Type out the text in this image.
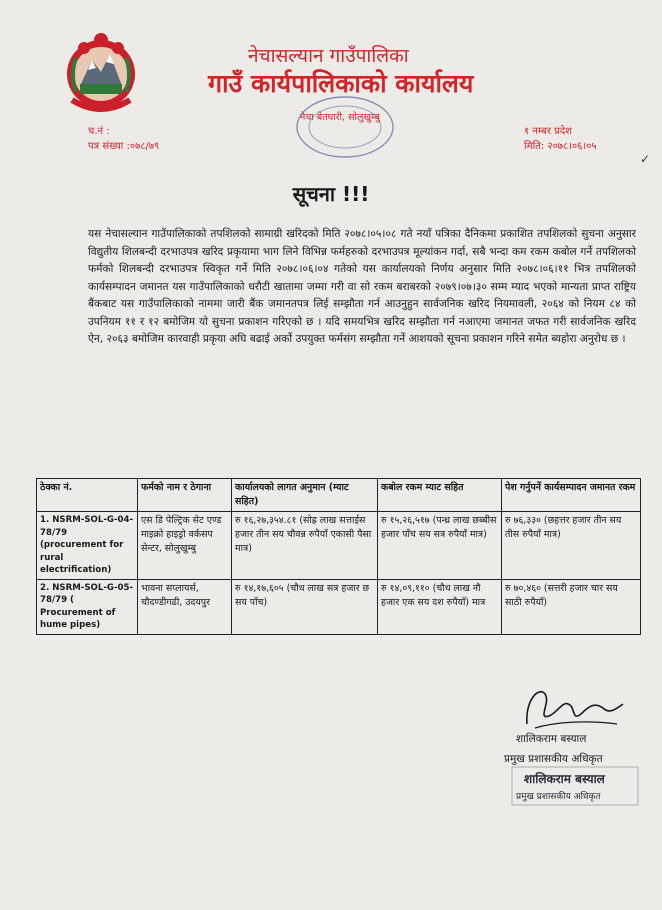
नेचासल्यान गाउँपालिका
गाउँ कार्यपालिकाको कार्यालय
नेचा बेतघारी, सोलुखुम्बु
च.नं :
पत्र संख्या :०७८/७९
१ नम्बर प्रदेश
मिति: २०७८।०६।०५
✓
सूचना !!!
यस नेचासल्यान गाउँपालिकाको तपशिलको सामाग्री खरिदको मिति २०७८।०५।०८ गते नयाँ पत्रिका दैनिकमा प्रकाशित तपशिलको सुचना अनुसार विद्युतीय शिलबन्दी दरभाउपत्र खरिद प्रकृयामा भाग लिने विभिन्न फर्महरुको दरभाउपत्र मूल्यांकन गर्दा, सबै भन्दा कम रकम कबोल गर्ने तपशिलको फर्मको शिलबन्दी दरभाउपत्र स्विकृत गर्ने मिति २०७८।०६।०४ गतेको यस कार्यालयको निर्णय अनुसार मिति २०७८।०६।११ भित्र तपशिलको कार्यसम्पादन जमानत यस गाउँपालिकाको धरौटी खातामा जम्मा गरी वा सो रकम बराबरको २०७९।०७।३० सम्म म्याद भएको मान्यता प्राप्त राष्ट्रिय बैंकबाट यस गाउँपालिकाको नाममा जारी बैंक जमानतपत्र लिई सम्झौता गर्न आउनुहुन सार्वजनिक खरिद नियमावली, २०६४ को नियम ८४ को उपनियम ११ र १२ बमोजिम यो सुचना प्रकाशन गरिएको छ । यदि समयभित्र खरिद सम्झौता गर्न नआएमा जमानत जफत गरी सार्वजनिक खरिद ऐन, २०६३ बमोजिम कारवाही प्रकृया अघि बढाई अर्को उपयुक्त फर्मसंग सम्झौता गर्ने आशयको सूचना प्रकाशन गरिने समेत ब्यहोरा अनुरोध छ ।
ठेक्का नं.	फर्मको नाम र ठेगाना	कार्यालयको लागत अनुमान (म्याट सहित)	कबोल रकम म्याट सहित	पेश गर्नुपर्ने कार्यसम्पादन जमानत रकम
1. NSRM-SOL-G-04-78/79 (procurement for rural electrification)	एस डि पेल्ट्रिक सेट एण्ड माइक्रो हाइड्रो वर्कसप सेन्टर, सोलुखुम्बु	रु १६,२७,३५४.८१ (सोह्र लाख सत्ताईस हजार तीन सय चौवन्न रुपैयाँ एकासी पैसा मात्र)	रु १५,२६,५१७ (पन्ध्र लाख छब्बीस हजार पाँच सय सत्र रुपैयाँ मात्र)	रु ७६,३३० (छहत्तर हजार तीन सय तीस रुपैयाँ मात्र)
2. NSRM-SOL-G-05-78/79 ( Procurement of hume pipes)	भावना सप्लायर्स, चौदण्डीगढी, उदयपुर	रु १४,१७,६०५ (चौध लाख सत्र हजार छ सय पाँच)	रु १४,०९,११० (चौध लाख नौ हजार एक सय दश रुपैयाँ) मात्र	रु ७०,४६० (सत्तरी हजार चार सय साठी रुपैयाँ)
शालिकराम बस्याल
प्रमुख प्रशासकीय अधिकृत
शालिकराम बस्याल
प्रमुख प्रशासकीय अधिकृत
